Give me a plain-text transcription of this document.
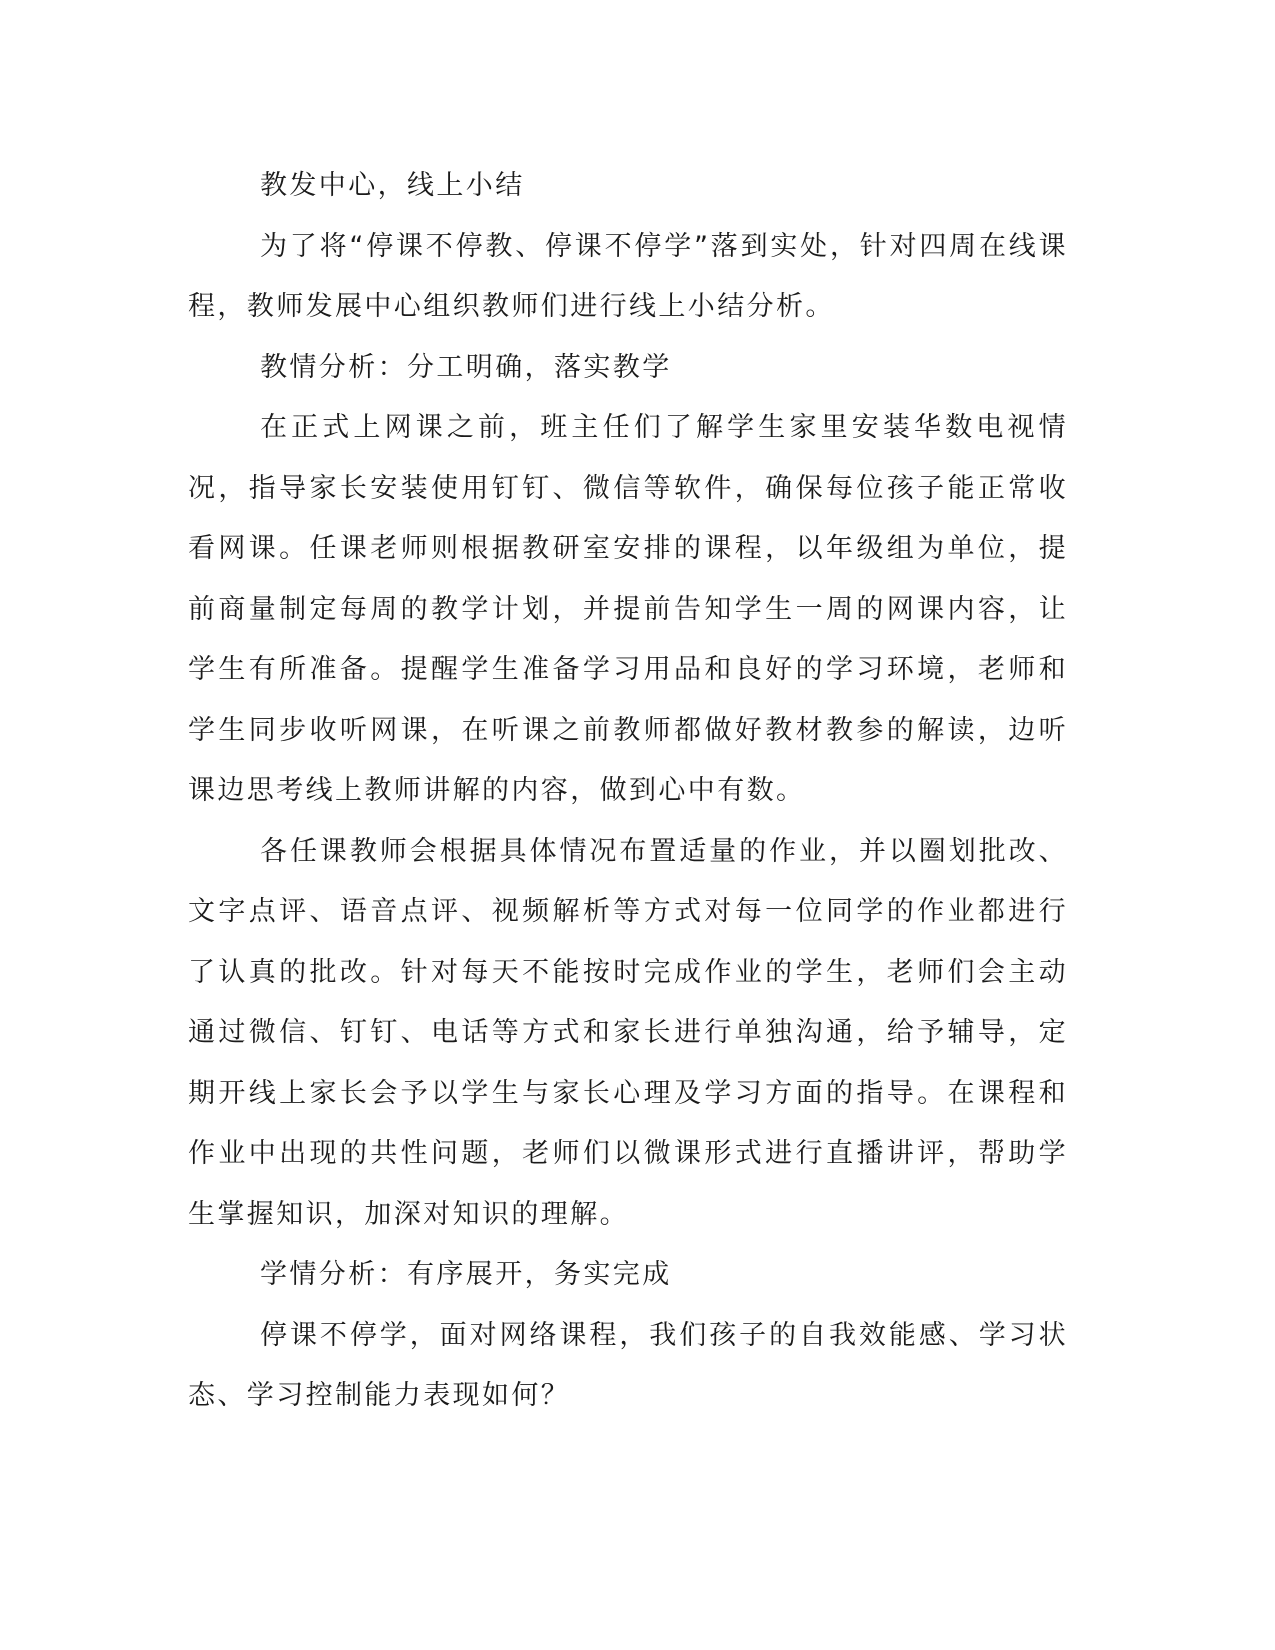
教发中心，线上小结

为了将“停课不停教、停课不停学”落到实处，针对四周在线课程，教师发展中心组织教师们进行线上小结分析。

教情分析：分工明确，落实教学

在正式上网课之前，班主任们了解学生家里安装华数电视情况，指导家长安装使用钉钉、微信等软件，确保每位孩子能正常收看网课。任课老师则根据教研室安排的课程，以年级组为单位，提前商量制定每周的教学计划，并提前告知学生一周的网课内容，让学生有所准备。提醒学生准备学习用品和良好的学习环境，老师和学生同步收听网课，在听课之前教师都做好教材教参的解读，边听课边思考线上教师讲解的内容，做到心中有数。

各任课教师会根据具体情况布置适量的作业，并以圈划批改、文字点评、语音点评、视频解析等方式对每一位同学的作业都进行了认真的批改。针对每天不能按时完成作业的学生，老师们会主动通过微信、钉钉、电话等方式和家长进行单独沟通，给予辅导，定期开线上家长会予以学生与家长心理及学习方面的指导。在课程和作业中出现的共性问题，老师们以微课形式进行直播讲评，帮助学生掌握知识，加深对知识的理解。

学情分析：有序展开，务实完成

停课不停学，面对网络课程，我们孩子的自我效能感、学习状态、学习控制能力表现如何？
